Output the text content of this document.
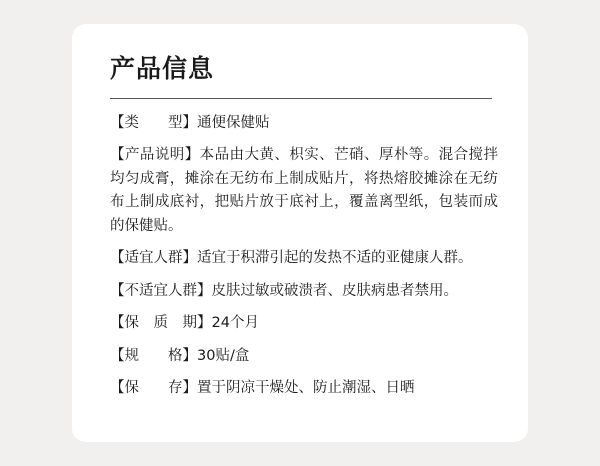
产品信息
【类　　型】 通便保健贴

【产品说明】本品由大黄、枳实、芒硝、厚朴等。混合搅拌均匀成膏，摊涂在无纺布上制成贴片，将热熔胶摊涂在无纺布上制成底衬，把贴片放于底衬上，覆盖离型纸，包装而成的保健贴。

【适宜人群】适宜于积滞引起的发热不适的亚健康人群。

【不适宜人群】 皮肤过敏或破溃者、皮肤病患者禁用。
【保　质　期】 24个月
【规　　格】 30贴/盒
【保　　存】 置于阴凉干燥处、防止潮湿、日晒
